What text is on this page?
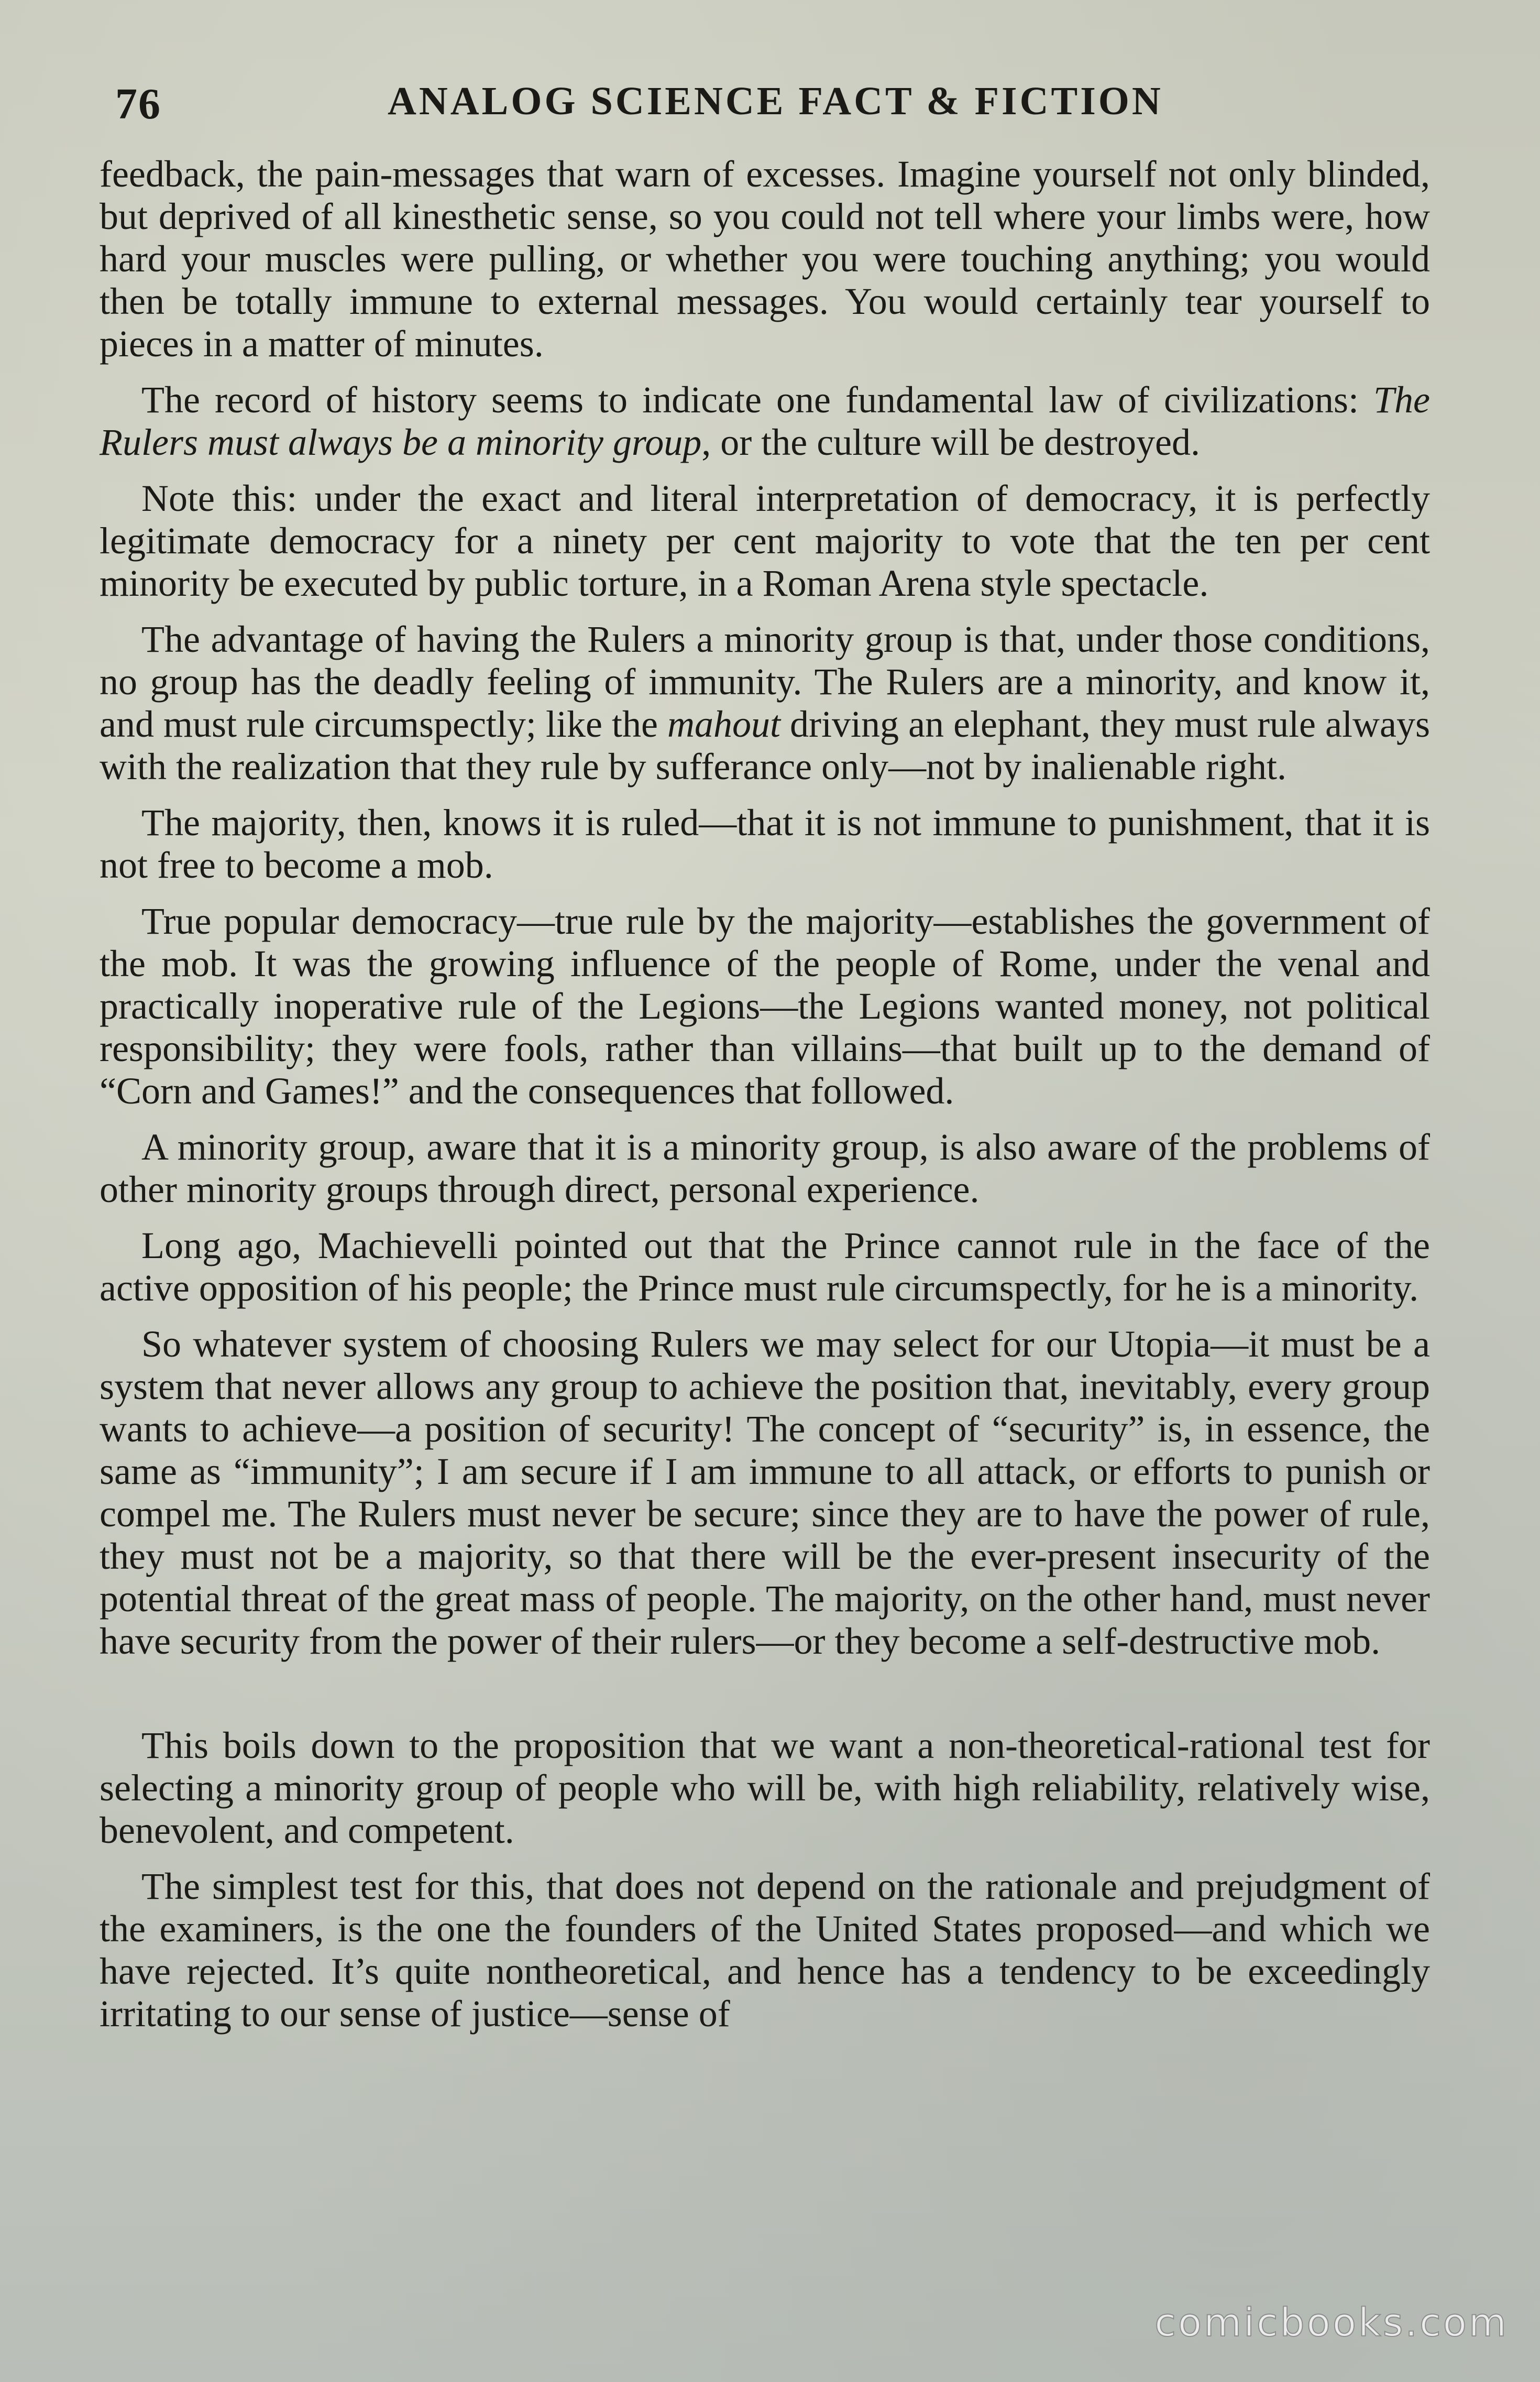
76	ANALOG SCIENCE FACT & FICTION

feedback, the pain-messages that warn of excesses. Imagine yourself not only blinded, but deprived of all kinesthetic sense, so you could not tell where your limbs were, how hard your muscles were pulling, or whether you were touching anything; you would then be totally immune to external messages. You would certainly tear yourself to pieces in a matter of minutes.

The record of history seems to indicate one fundamental law of civilizations: The Rulers must always be a minority group, or the culture will be destroyed.

Note this: under the exact and literal interpretation of democracy, it is perfectly legitimate democracy for a ninety per cent majority to vote that the ten per cent minority be executed by public torture, in a Roman Arena style spectacle.

The advantage of having the Rulers a minority group is that, under those conditions, no group has the deadly feeling of immunity. The Rulers are a minority, and know it, and must rule circumspectly; like the mahout driving an elephant, they must rule always with the realization that they rule by sufferance only—not by inalienable right.

The majority, then, knows it is ruled—that it is not immune to punishment, that it is not free to become a mob.

True popular democracy—true rule by the majority—establishes the government of the mob. It was the growing influence of the people of Rome, under the venal and practically inoperative rule of the Legions—the Legions wanted money, not political responsibility; they were fools, rather than villains—that built up to the demand of “Corn and Games!” and the consequences that followed.

A minority group, aware that it is a minority group, is also aware of the problems of other minority groups through direct, personal experience.

Long ago, Machievelli pointed out that the Prince cannot rule in the face of the active opposition of his people; the Prince must rule circumspectly, for he is a minority.

So whatever system of choosing Rulers we may select for our Utopia—it must be a system that never allows any group to achieve the position that, inevitably, every group wants to achieve—a position of security! The concept of “security” is, in essence, the same as “immunity”; I am secure if I am immune to all attack, or efforts to punish or compel me. The Rulers must never be secure; since they are to have the power of rule, they must not be a majority, so that there will be the ever-present insecurity of the potential threat of the great mass of people. The majority, on the other hand, must never have security from the power of their rulers—or they become a self-destructive mob.

This boils down to the proposition that we want a non-theoretical-rational test for selecting a minority group of people who will be, with high reliability, relatively wise, benevolent, and competent.

The simplest test for this, that does not depend on the rationale and prejudgment of the examiners, is the one the founders of the United States proposed—and which we have rejected. It’s quite nontheoretical, and hence has a tendency to be exceedingly irritating to our sense of justice—sense of

comicbooks.com
